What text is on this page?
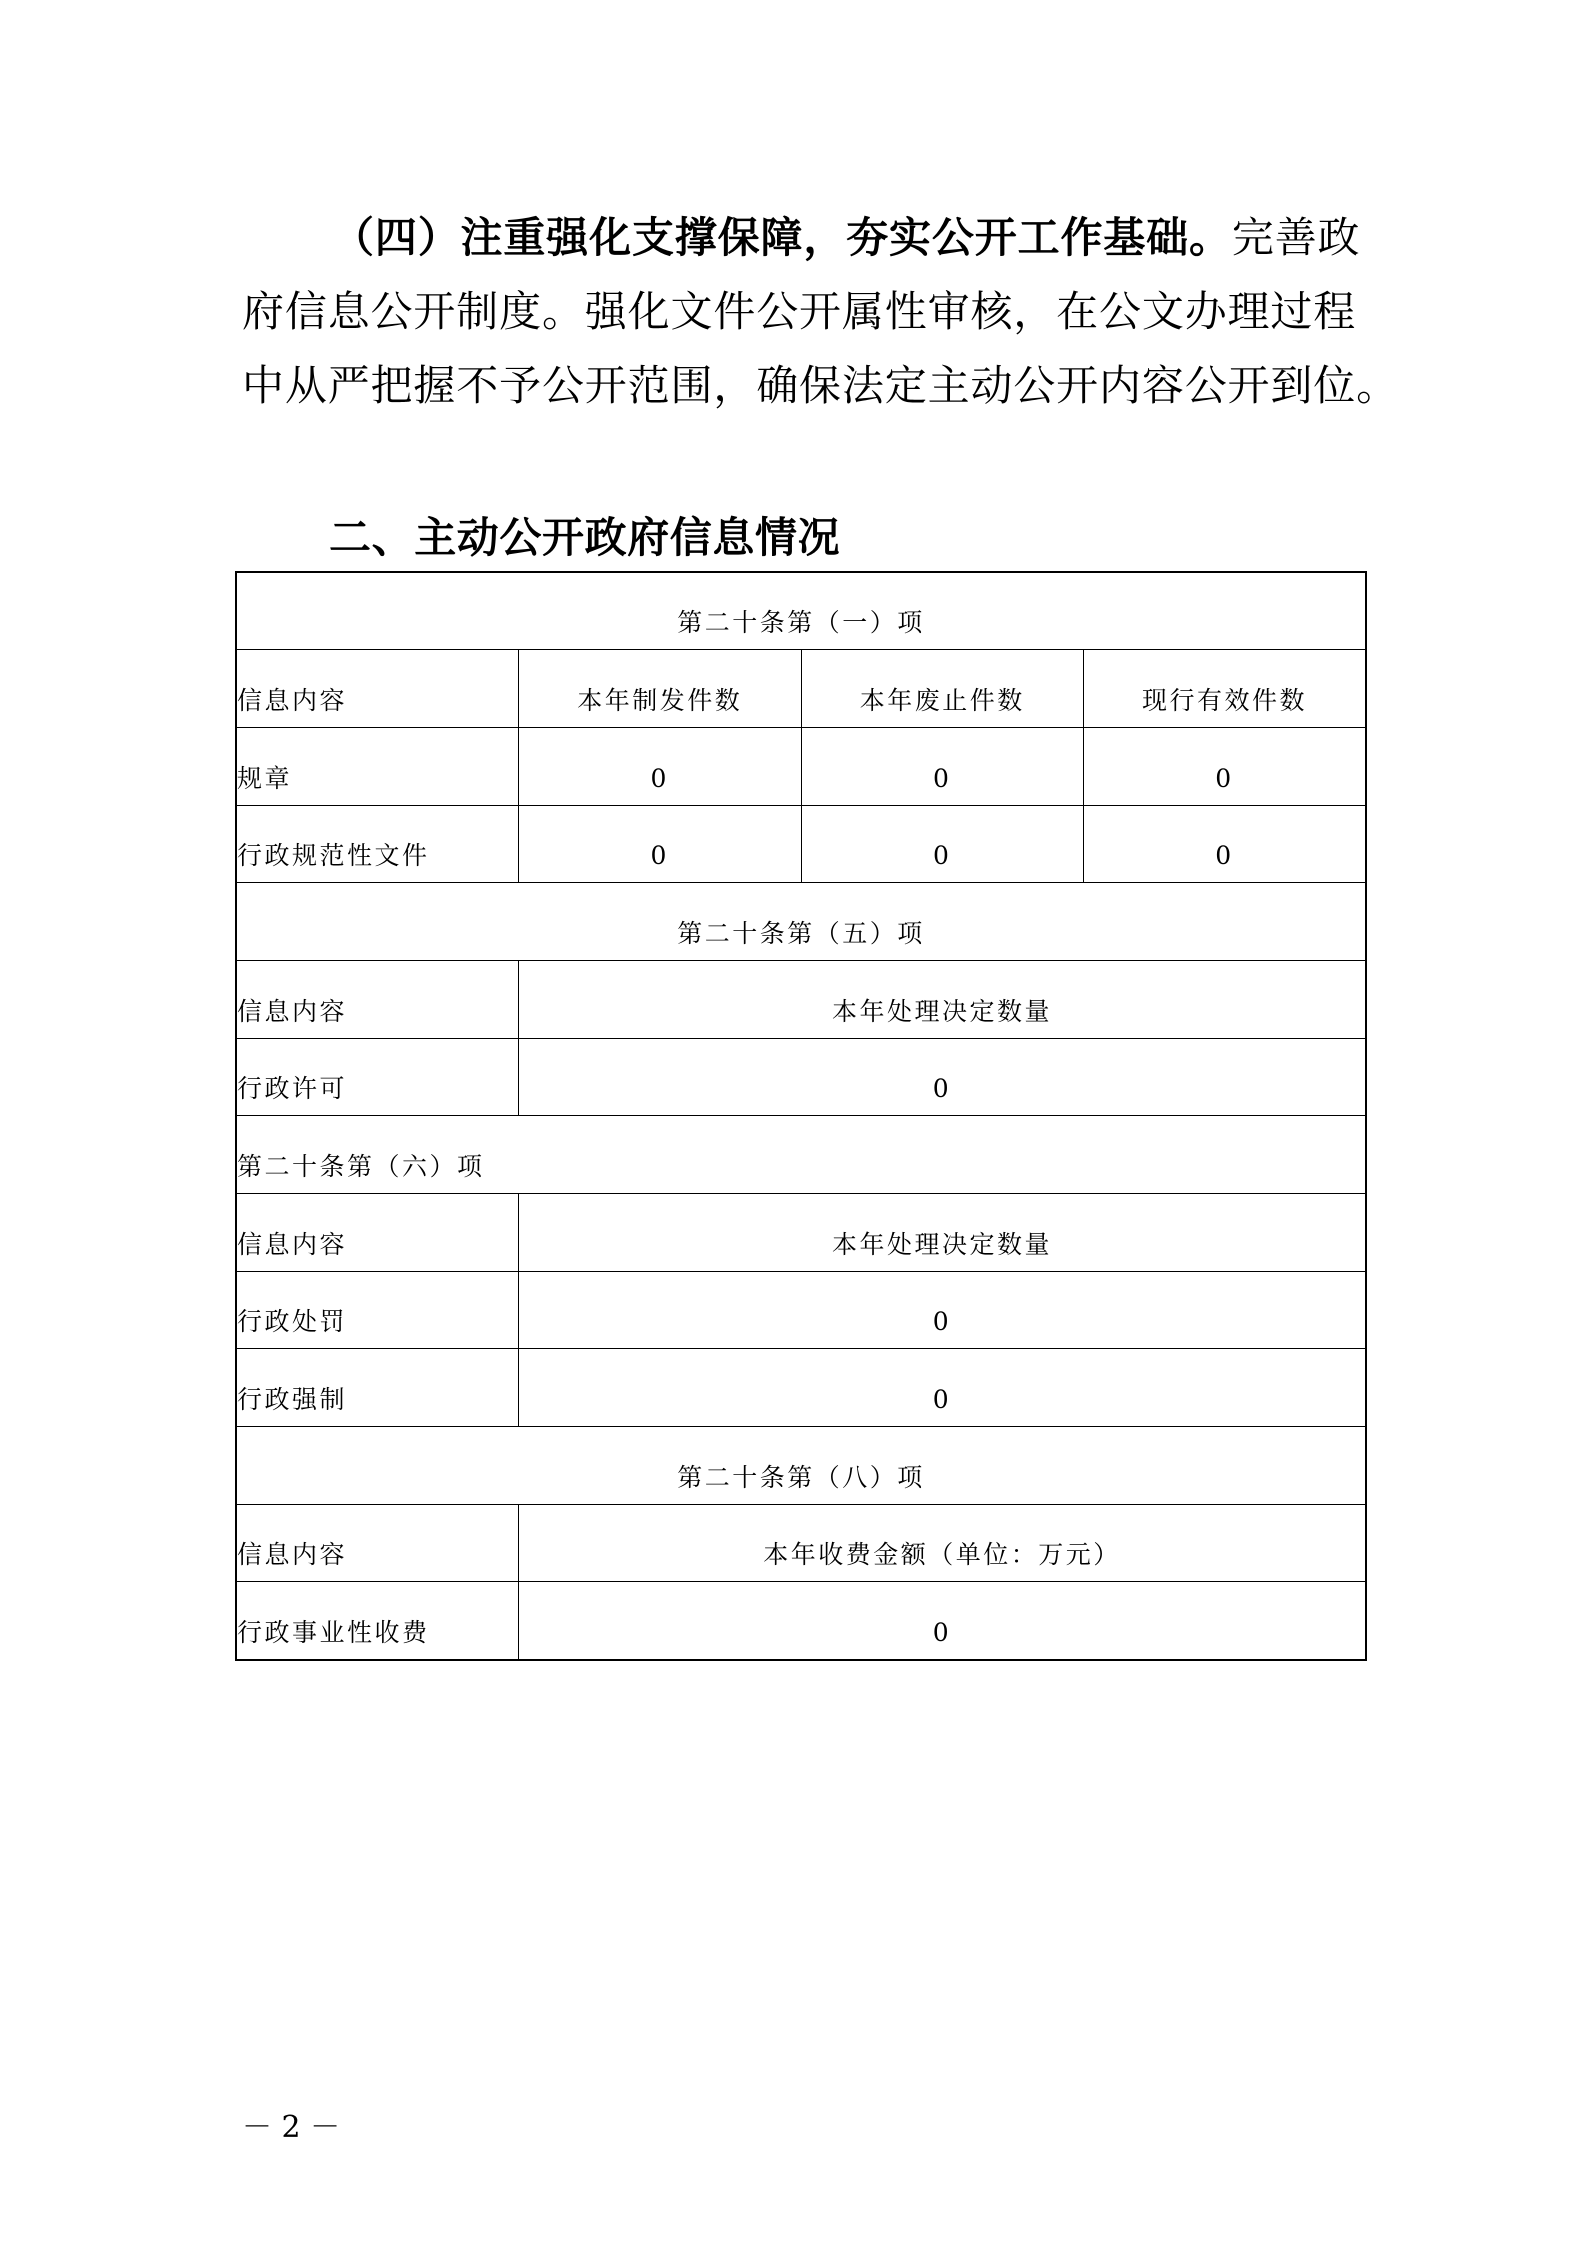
（四）注重强化支撑保障，夯实公开工作基础。完善政
府信息公开制度。强化文件公开属性审核，在公文办理过程
中从严把握不予公开范围，确保法定主动公开内容公开到位。
二、主动公开政府信息情况
第二十条第（一）项			
信息内容	本年制发件数	本年废止件数	现行有效件数
规章	0	0	0
行政规范性文件	0	0	0
第二十条第（五）项			
信息内容	本年处理决定数量		
行政许可	0		
第二十条第（六）项			
信息内容	本年处理决定数量		
行政处罚	0		
行政强制	0		
第二十条第（八）项			
信息内容	本年收费金额（单位：万元）		
行政事业性收费	0		
－ 2 －
